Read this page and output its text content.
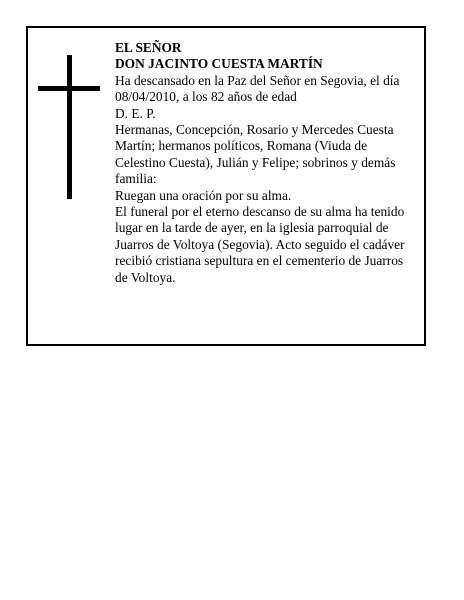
EL SEÑOR

DON JACINTO CUESTA MARTÍN

Ha descansado en la Paz del Señor en Segovia, el día 08/04/2010, a los 82 años de edad

D. E. P.

Hermanas, Concepción, Rosario y Mercedes Cuesta Martín; hermanos políticos, Romana (Viuda de Celestino Cuesta), Julián y Felipe; sobrinos y demás familia:

Ruegan una oración por su alma.

El funeral por el eterno descanso de su alma ha tenido lugar en la tarde de ayer, en la iglesia parroquial de Juarros de Voltoya (Segovia). Acto seguido el cadáver recibió cristiana sepultura en el cementerio de Juarros de Voltoya.
